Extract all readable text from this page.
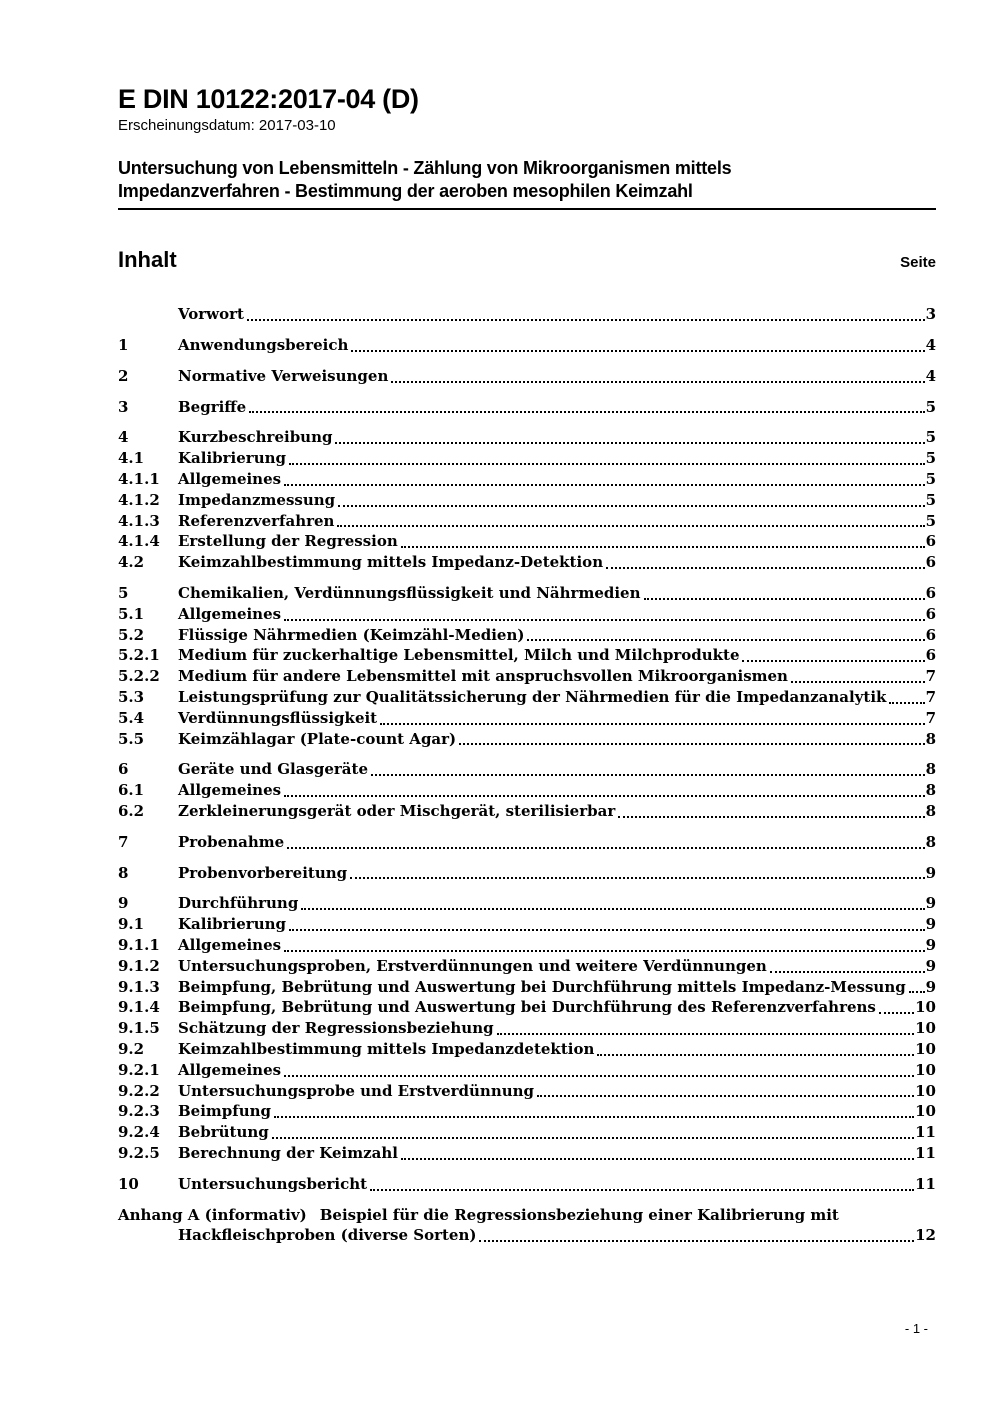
E DIN 10122:2017-04 (D)
Erscheinungsdatum: 2017-03-10
Untersuchung von Lebensmitteln - Zählung von Mikroorganismen mittels
Impedanzverfahren - Bestimmung der aeroben mesophilen Keimzahl
Inhalt	Seite
Vorwort	3
1	Anwendungsbereich	4
2	Normative Verweisungen	4
3	Begriffe	5
4	Kurzbeschreibung	5
4.1	Kalibrierung	5
4.1.1	Allgemeines	5
4.1.2	Impedanzmessung	5
4.1.3	Referenzverfahren	5
4.1.4	Erstellung der Regression	6
4.2	Keimzahlbestimmung mittels Impedanz-Detektion	6
5	Chemikalien, Verdünnungsflüssigkeit und Nährmedien	6
5.1	Allgemeines	6
5.2	Flüssige Nährmedien (Keimzähl-Medien)	6
5.2.1	Medium für zuckerhaltige Lebensmittel, Milch und Milchprodukte	6
5.2.2	Medium für andere Lebensmittel mit anspruchsvollen Mikroorganismen	7
5.3	Leistungsprüfung zur Qualitätssicherung der Nährmedien für die Impedanzanalytik	7
5.4	Verdünnungsflüssigkeit	7
5.5	Keimzählagar (Plate-count Agar)	8
6	Geräte und Glasgeräte	8
6.1	Allgemeines	8
6.2	Zerkleinerungsgerät oder Mischgerät, sterilisierbar	8
7	Probenahme	8
8	Probenvorbereitung	9
9	Durchführung	9
9.1	Kalibrierung	9
9.1.1	Allgemeines	9
9.1.2	Untersuchungsproben, Erstverdünnungen und weitere Verdünnungen	9
9.1.3	Beimpfung, Bebrütung und Auswertung bei Durchführung mittels Impedanz-Messung 9
9.1.4	Beimpfung, Bebrütung und Auswertung bei Durchführung des Referenzverfahrens	10
9.1.5	Schätzung der Regressionsbeziehung	10
9.2	Keimzahlbestimmung mittels Impedanzdetektion	10
9.2.1	Allgemeines	10
9.2.2	Untersuchungsprobe und Erstverdünnung	10
9.2.3	Beimpfung	10
9.2.4	Bebrütung	11
9.2.5	Berechnung der Keimzahl	11
10	Untersuchungsbericht	11
Anhang A (informativ) Beispiel für die Regressionsbeziehung einer Kalibrierung mit
Hackfleischproben (diverse Sorten)	12
- 1 -
